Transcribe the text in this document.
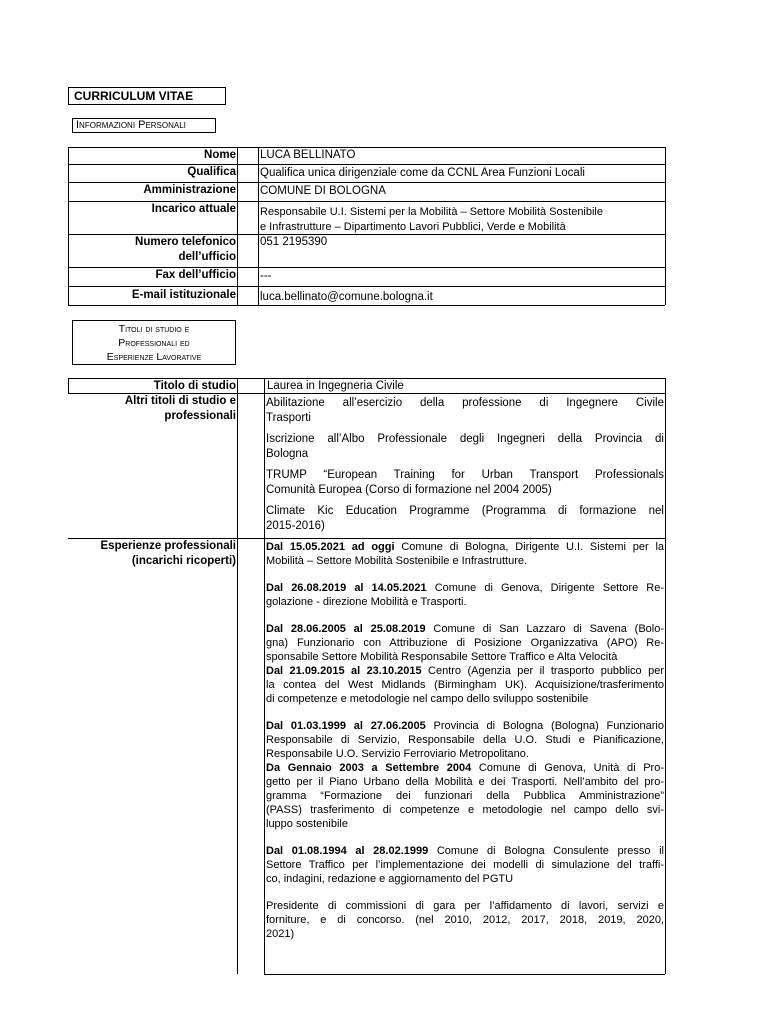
CURRICULUM VITAE
Informazioni Personali
Titoli di studio e
Professionali ed
Esperienze Lavorative
Nome
Qualifica
Amministrazione
Incarico attuale
Numero telefonico
dell’ufficio
Fax dell’ufficio
E-mail istituzionale
LUCA BELLINATO
Qualifica unica dirigenziale come da CCNL Area Funzioni Locali
COMUNE DI BOLOGNA
Responsabile U.I. Sistemi per la Mobilità – Settore Mobilità Sostenibile
e Infrastrutture – Dipartimento Lavori Pubblici, Verde e Mobilità
051 2195390
---
luca.bellinato@comune.bologna.it
Titolo di studio
Altri titoli di studio e
professionali
Esperienze professionali
(incarichi ricoperti)
Laurea in Ingegneria Civile
Abilitazione all’esercizio della professione di Ingegnere Civile
Trasporti
Iscrizione all’Albo Professionale degli Ingegneri della Provincia di
Bologna
TRUMP “European Training for Urban Transport Professionals
Comunità Europea (Corso di formazione nel 2004 2005)
Climate Kic Education Programme (Programma di formazione nel
2015-2016)
Dal 15.05.2021 ad oggi Comune di Bologna, Dirigente U.I. Sistemi per la
Mobilità – Settore Mobilità Sostenibile e Infrastrutture.
Dal 26.08.2019 al 14.05.2021 Comune di Genova, Dirigente Settore Re-
golazione - direzione Mobilità e Trasporti.
Dal 28.06.2005 al 25.08.2019 Comune di San Lazzaro di Savena (Bolo-
gna) Funzionario con Attribuzione di Posizione Organizzativa (APO) Re-
sponsabile Settore Mobilità Responsabile Settore Traffico e Alta Velocità
Dal 21.09.2015 al 23.10.2015 Centro (Agenzia per il trasporto pubblico per
la contea del West Midlands (Birmingham UK). Acquisizione/trasferimento
di competenze e metodologie nel campo dello sviluppo sostenibile
Dal 01.03.1999 al 27.06.2005 Provincia di Bologna (Bologna) Funzionario
Responsabile di Servizio, Responsabile della U.O. Studi e Pianificazione,
Responsabile U.O. Servizio Ferroviario Metropolitano.
Da Gennaio 2003 a Settembre 2004 Comune di Genova, Unità di Pro-
getto per il Piano Urbano della Mobilità e dei Trasporti. Nell’ambito del pro-
gramma “Formazione dei funzionari della Pubblica Amministrazione”
(PASS) trasferimento di competenze e metodologie nel campo dello svi-
luppo sostenibile
Dal 01.08.1994 al 28.02.1999 Comune di Bologna Consulente presso il
Settore Traffico per l’implementazione dei modelli di simulazione del traffi-
co, indagini, redazione e aggiornamento del PGTU
Presidente di commissioni di gara per l’affidamento di lavori, servizi e
forniture, e di concorso. (nel 2010, 2012, 2017, 2018, 2019, 2020,
2021)
